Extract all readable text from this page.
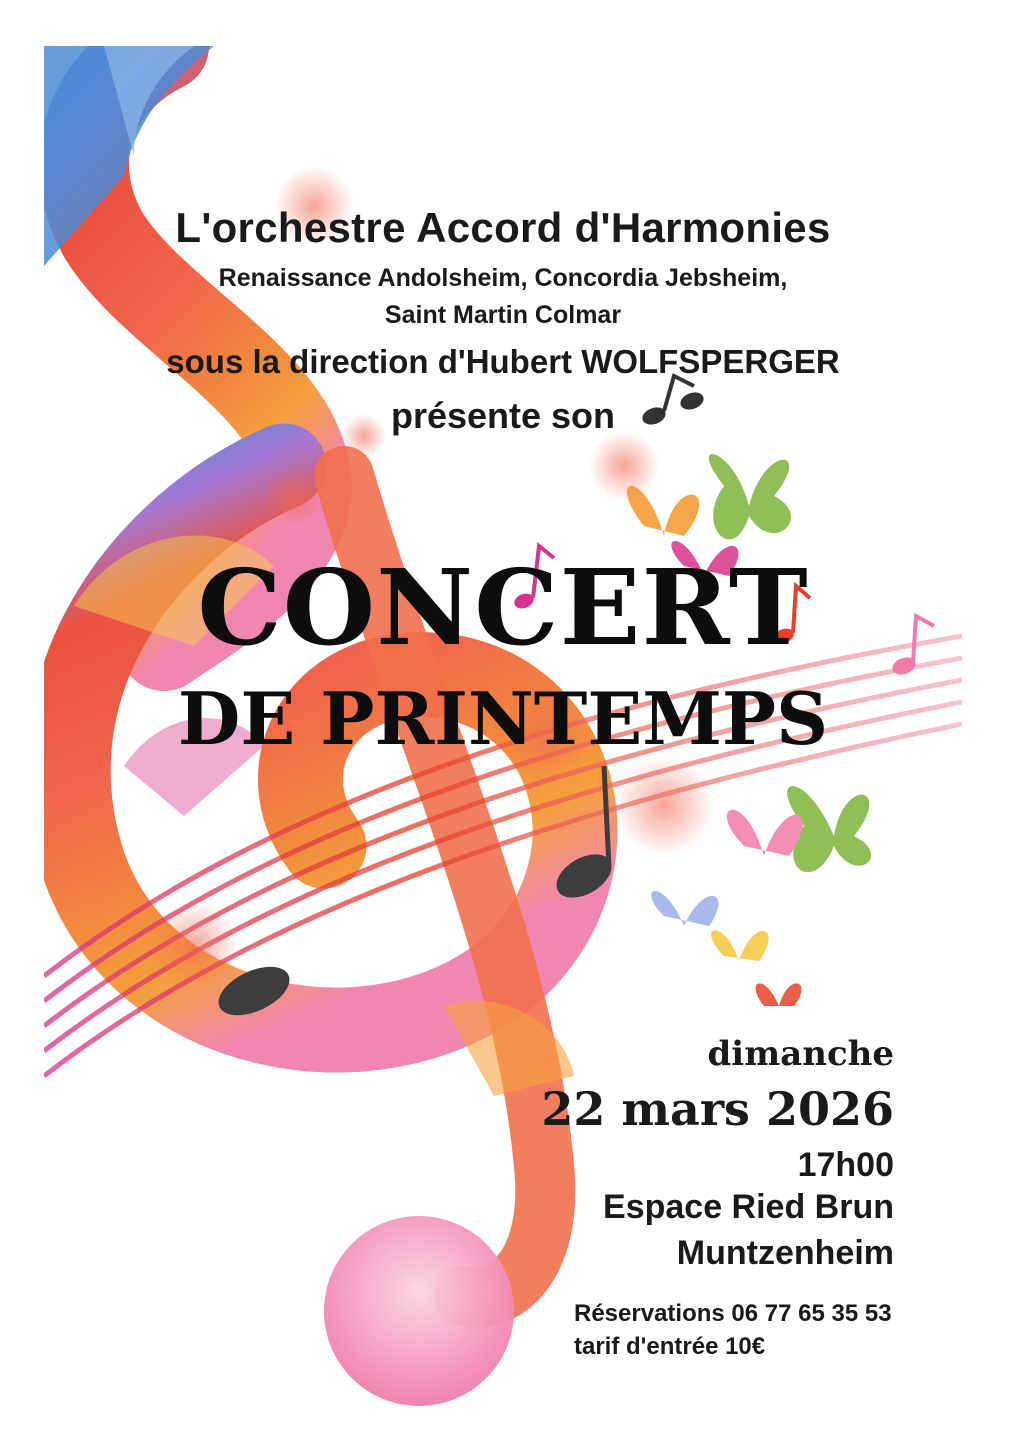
L'orchestre Accord d'Harmonies
Renaissance Andolsheim, Concordia Jebsheim,
Saint Martin Colmar
sous la direction d'Hubert WOLFSPERGER
présente son
CONCERT
DE PRINTEMPS
dimanche
22 mars 2026
17h00
Espace Ried Brun
Muntzenheim
Réservations 06 77 65 35 53
tarif d'entrée 10€
